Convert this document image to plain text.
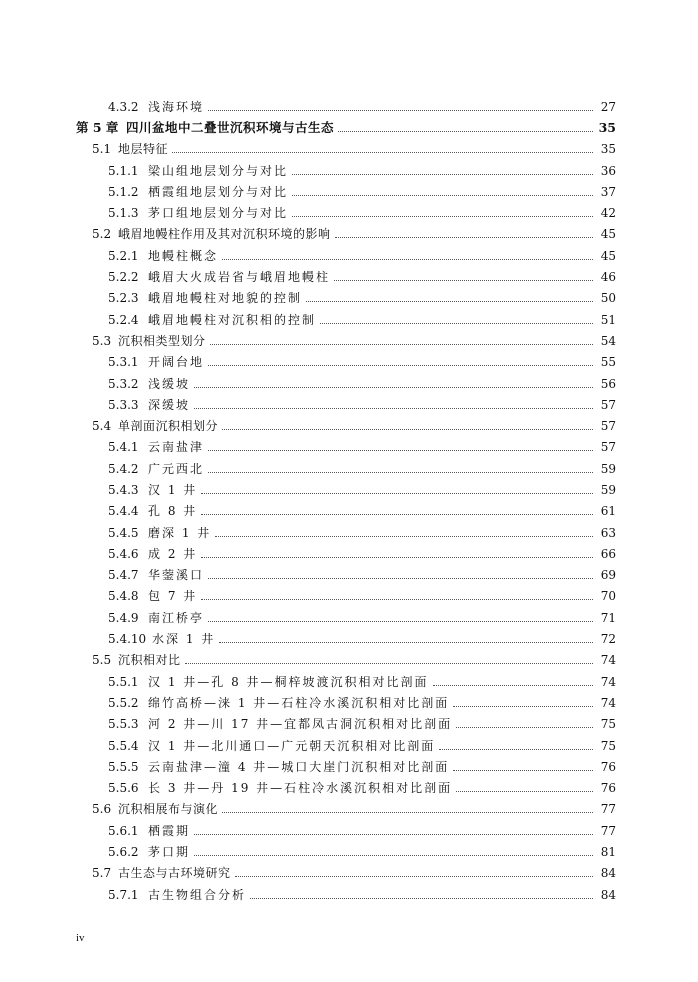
4.3.2 浅海环境	27
第 5 章 四川盆地中二叠世沉积环境与古生态	35
5.1 地层特征	35
5.1.1 梁山组地层划分与对比	36
5.1.2 栖霞组地层划分与对比	37
5.1.3 茅口组地层划分与对比	42
5.2 峨眉地幔柱作用及其对沉积环境的影响	45
5.2.1 地幔柱概念	45
5.2.2 峨眉大火成岩省与峨眉地幔柱	46
5.2.3 峨眉地幔柱对地貌的控制	50
5.2.4 峨眉地幔柱对沉积相的控制	51
5.3 沉积相类型划分	54
5.3.1 开阔台地	55
5.3.2 浅缓坡	56
5.3.3 深缓坡	57
5.4 单剖面沉积相划分	57
5.4.1 云南盐津	57
5.4.2 广元西北	59
5.4.3 汉 1 井	59
5.4.4 孔 8 井	61
5.4.5 磨深 1 井	63
5.4.6 成 2 井	66
5.4.7 华蓥溪口	69
5.4.8 包 7 井	70
5.4.9 南江桥亭	71
5.4.10 水深 1 井	72
5.5 沉积相对比	74
5.5.1 汉 1 井—孔 8 井—桐梓坡渡沉积相对比剖面	74
5.5.2 绵竹高桥—涞 1 井—石柱冷水溪沉积相对比剖面	74
5.5.3 河 2 井—川 17 井—宜都凤古洞沉积相对比剖面	75
5.5.4 汉 1 井—北川通口—广元朝天沉积相对比剖面	75
5.5.5 云南盐津—潼 4 井—城口大崖门沉积相对比剖面	76
5.5.6 长 3 井—丹 19 井—石柱冷水溪沉积相对比剖面	76
5.6 沉积相展布与演化	77
5.6.1 栖霞期	77
5.6.2 茅口期	81
5.7 古生态与古环境研究	84
5.7.1 古生物组合分析	84
iv
